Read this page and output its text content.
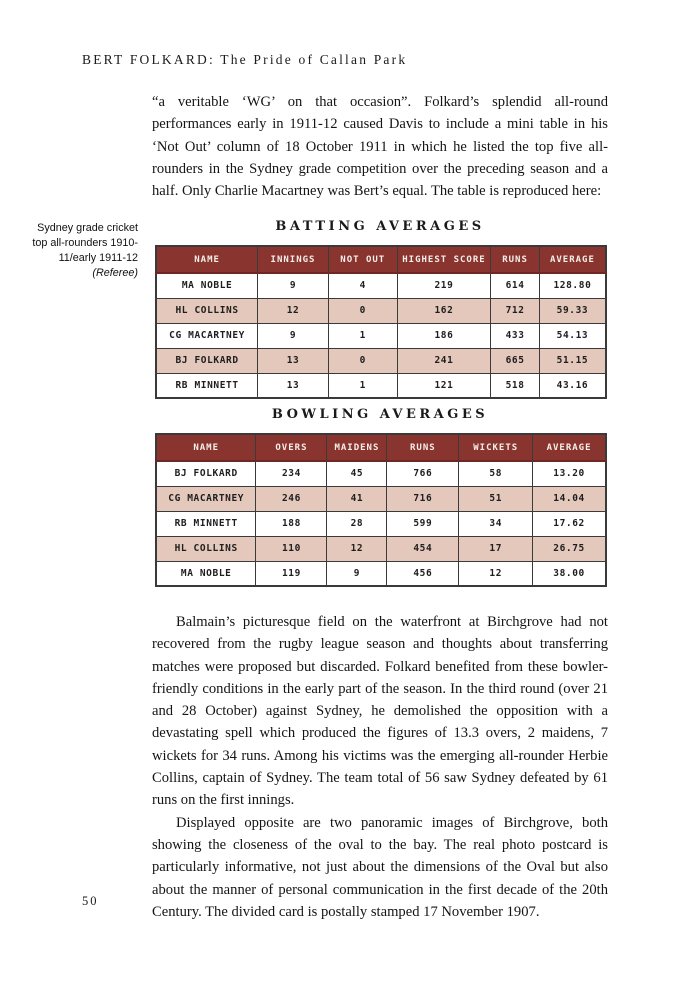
BERT FOLKARD: The Pride of Callan Park

“a veritable ‘WG’ on that occasion”. Folkard’s splendid all-round performances early in 1911-12 caused Davis to include a mini table in his ‘Not Out’ column of 18 October 1911 in which he listed the top five all-rounders in the Sydney grade competition over the preceding season and a half. Only Charlie Macartney was Bert’s equal. The table is reproduced here:

Sydney grade cricket
top all-rounders 1910-
11/early 1911-12
(Referee)
BATTING AVERAGES
NAME	INNINGS	NOT OUT	HIGHEST SCORE	RUNS	AVERAGE
MA NOBLE	9	4	219	614	128.80
HL COLLINS	12	0	162	712	59.33
CG MACARTNEY	9	1	186	433	54.13
BJ FOLKARD	13	0	241	665	51.15
RB MINNETT	13	1	121	518	43.16
BOWLING AVERAGES
NAME	OVERS	MAIDENS	RUNS	WICKETS	AVERAGE
BJ FOLKARD	234	45	766	58	13.20
CG MACARTNEY	246	41	716	51	14.04
RB MINNETT	188	28	599	34	17.62
HL COLLINS	110	12	454	17	26.75
MA NOBLE	119	9	456	12	38.00

Balmain’s picturesque field on the waterfront at Birchgrove had not recovered from the rugby league season and thoughts about transferring matches were proposed but discarded. Folkard benefited from these bowler-friendly conditions in the early part of the season. In the third round (over 21 and 28 October) against Sydney, he demolished the opposition with a devastating spell which produced the figures of 13.3 overs, 2 maidens, 7 wickets for 34 runs. Among his victims was the emerging all-rounder Herbie Collins, captain of Sydney. The team total of 56 saw Sydney defeated by 61 runs on the first innings.

Displayed opposite are two panoramic images of Birchgrove, both showing the closeness of the oval to the bay. The real photo postcard is particularly informative, not just about the dimensions of the Oval but also about the manner of personal communication in the first decade of the 20th Century. The divided card is postally stamped 17 November 1907.

50
